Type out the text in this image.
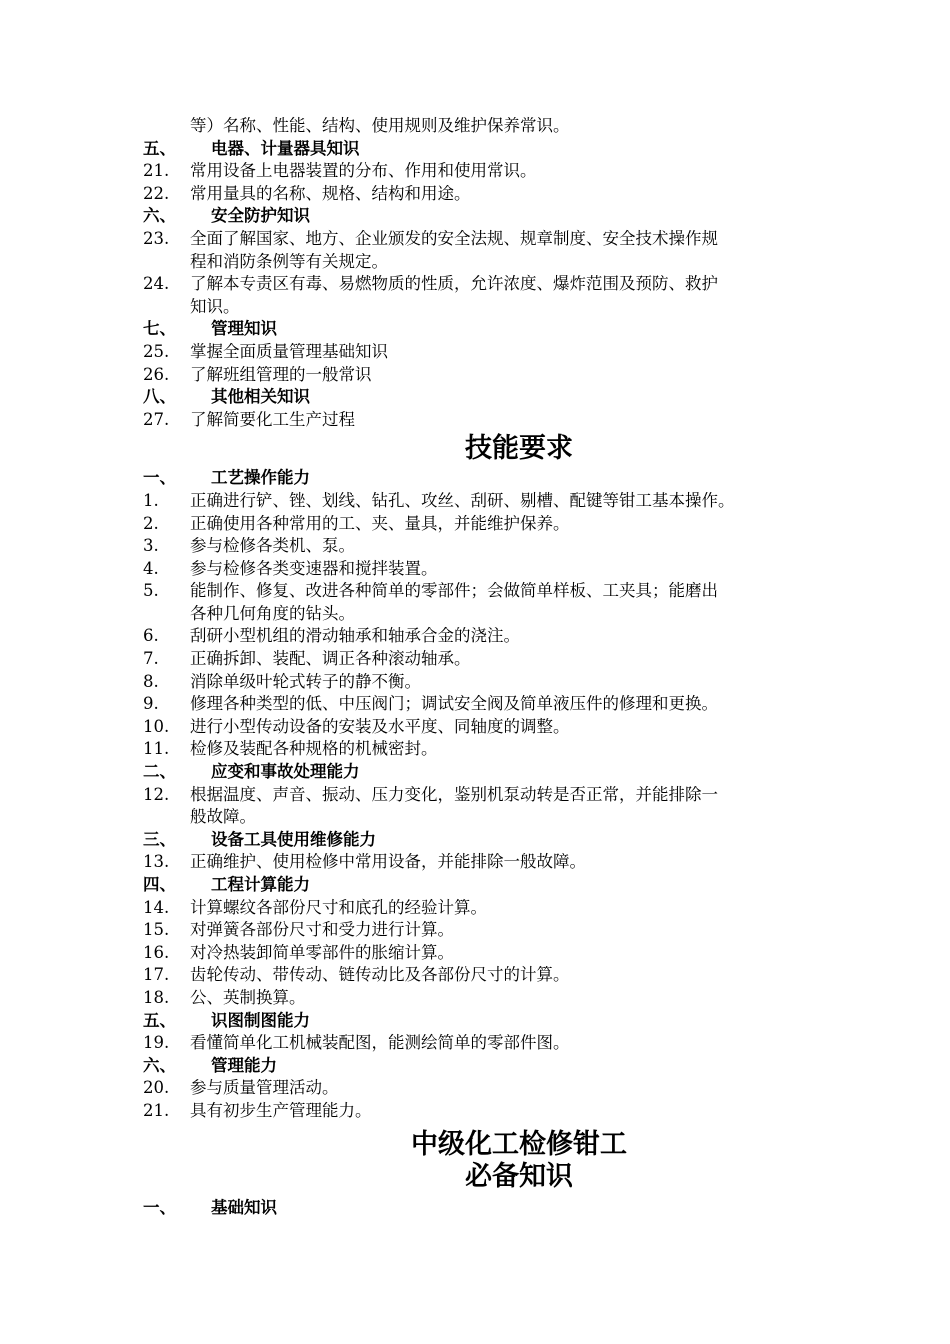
等）名称、性能、结构、使用规则及维护保养常识。
五、 电器、计量器具知识
21. 常用设备上电器装置的分布、作用和使用常识。
22. 常用量具的名称、规格、结构和用途。
六、 安全防护知识
23. 全面了解国家、地方、企业颁发的安全法规、规章制度、安全技术操作规
程和消防条例等有关规定。
24. 了解本专责区有毒、易燃物质的性质，允许浓度、爆炸范围及预防、救护
知识。
七、 管理知识
25. 掌握全面质量管理基础知识
26. 了解班组管理的一般常识
八、 其他相关知识
27. 了解简要化工生产过程
技能要求
一、 工艺操作能力
1. 正确进行铲、锉、划线、钻孔、攻丝、刮研、剔槽、配键等钳工基本操作。
2. 正确使用各种常用的工、夹、量具，并能维护保养。
3. 参与检修各类机、泵。
4. 参与检修各类变速器和搅拌装置。
5. 能制作、修复、改进各种简单的零部件；会做简单样板、工夹具；能磨出
各种几何角度的钻头。
6. 刮研小型机组的滑动轴承和轴承合金的浇注。
7. 正确拆卸、装配、调正各种滚动轴承。
8. 消除单级叶轮式转子的静不衡。
9. 修理各种类型的低、中压阀门；调试安全阀及简单液压件的修理和更换。
10. 进行小型传动设备的安装及水平度、同轴度的调整。
11. 检修及装配各种规格的机械密封。
二、 应变和事故处理能力
12. 根据温度、声音、振动、压力变化，鉴别机泵动转是否正常，并能排除一
般故障。
三、 设备工具使用维修能力
13. 正确维护、使用检修中常用设备，并能排除一般故障。
四、 工程计算能力
14. 计算螺纹各部份尺寸和底孔的经验计算。
15. 对弹簧各部份尺寸和受力进行计算。
16. 对冷热装卸简单零部件的胀缩计算。
17. 齿轮传动、带传动、链传动比及各部份尺寸的计算。
18. 公、英制换算。
五、 识图制图能力
19. 看懂简单化工机械装配图，能测绘简单的零部件图。
六、 管理能力
20. 参与质量管理活动。
21. 具有初步生产管理能力。
中级化工检修钳工
必备知识
一、 基础知识
